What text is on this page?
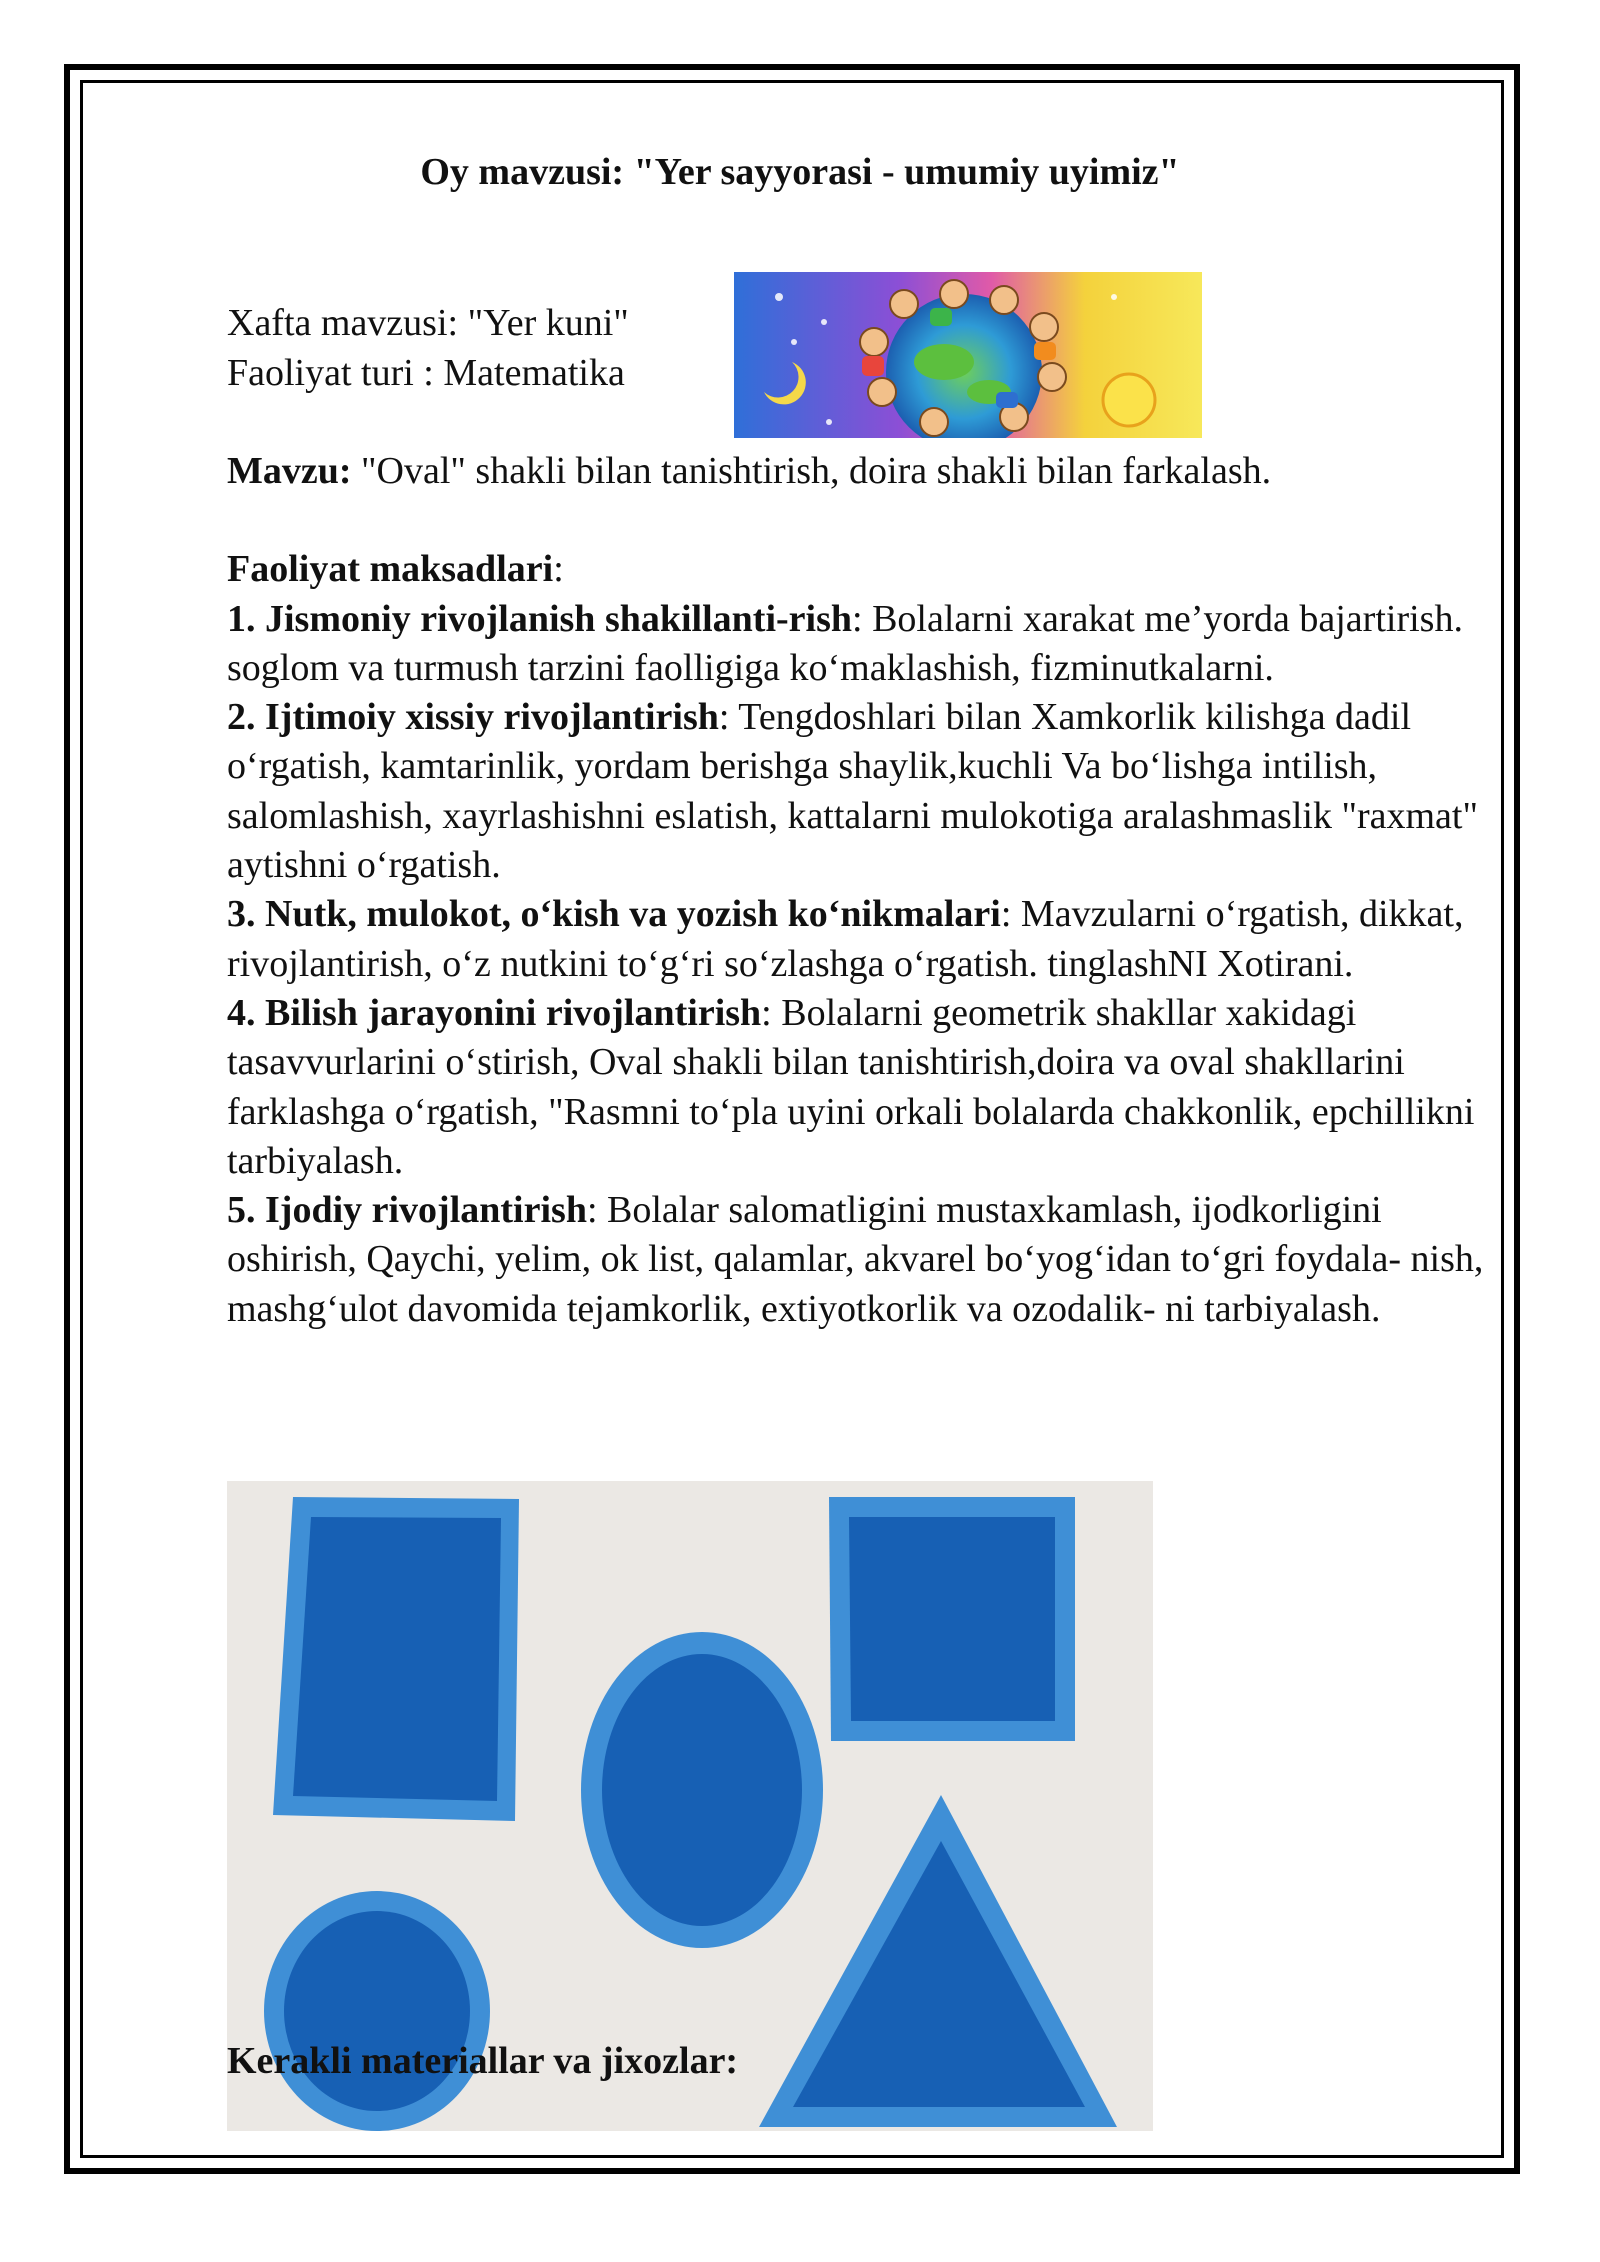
Oy mavzusi: "Yer sayyorasi - umumiy uyimiz"
Xafta mavzusi: "Yer kuni"
Faoliyat turi : Matematika

Mavzu: "Oval" shakli bilan tanishtirish, doira shakli bilan farkalash.

Faoliyat maksadlari:

1. Jismoniy rivojlanish shakillanti-rish: Bolalarni xarakat me’yorda bajartirish. soglom va turmush tarzini faolligiga ko‘maklashish, fizminutkalarni.

2. Ijtimoiy xissiy rivojlantirish: Tengdoshlari bilan Xamkorlik kilishga dadil o‘rgatish, kamtarinlik, yordam berishga shaylik,kuchli Va bo‘lishga intilish, salomlashish, xayrlashishni eslatish, kattalarni mulokotiga aralashmaslik "raxmat" aytishni o‘rgatish.

3. Nutk, mulokot, o‘kish va yozish ko‘nikmalari: Mavzularni o‘rgatish, dikkat, rivojlantirish, o‘z nutkini to‘g‘ri so‘zlashga o‘rgatish. tinglashNI Xotirani.

4. Bilish jarayonini rivojlantirish: Bolalarni geometrik shakllar xakidagi tasavvurlarini o‘stirish, Oval shakli bilan tanishtirish,doira va oval shakllarini farklashga o‘rgatish, "Rasmni to‘pla uyini orkali bolalarda chakkonlik, epchillikni tarbiyalash.

5. Ijodiy rivojlantirish: Bolalar salomatligini mustaxkamlash, ijodkorligini oshirish, Qaychi, yelim, ok list, qalamlar, akvarel bo‘yog‘idan to‘gri foydala- nish, mashg‘ulot davomida tejamkorlik, extiyotkorlik va ozodalik- ni tarbiyalash.

Kerakli materiallar va jixozlar:
